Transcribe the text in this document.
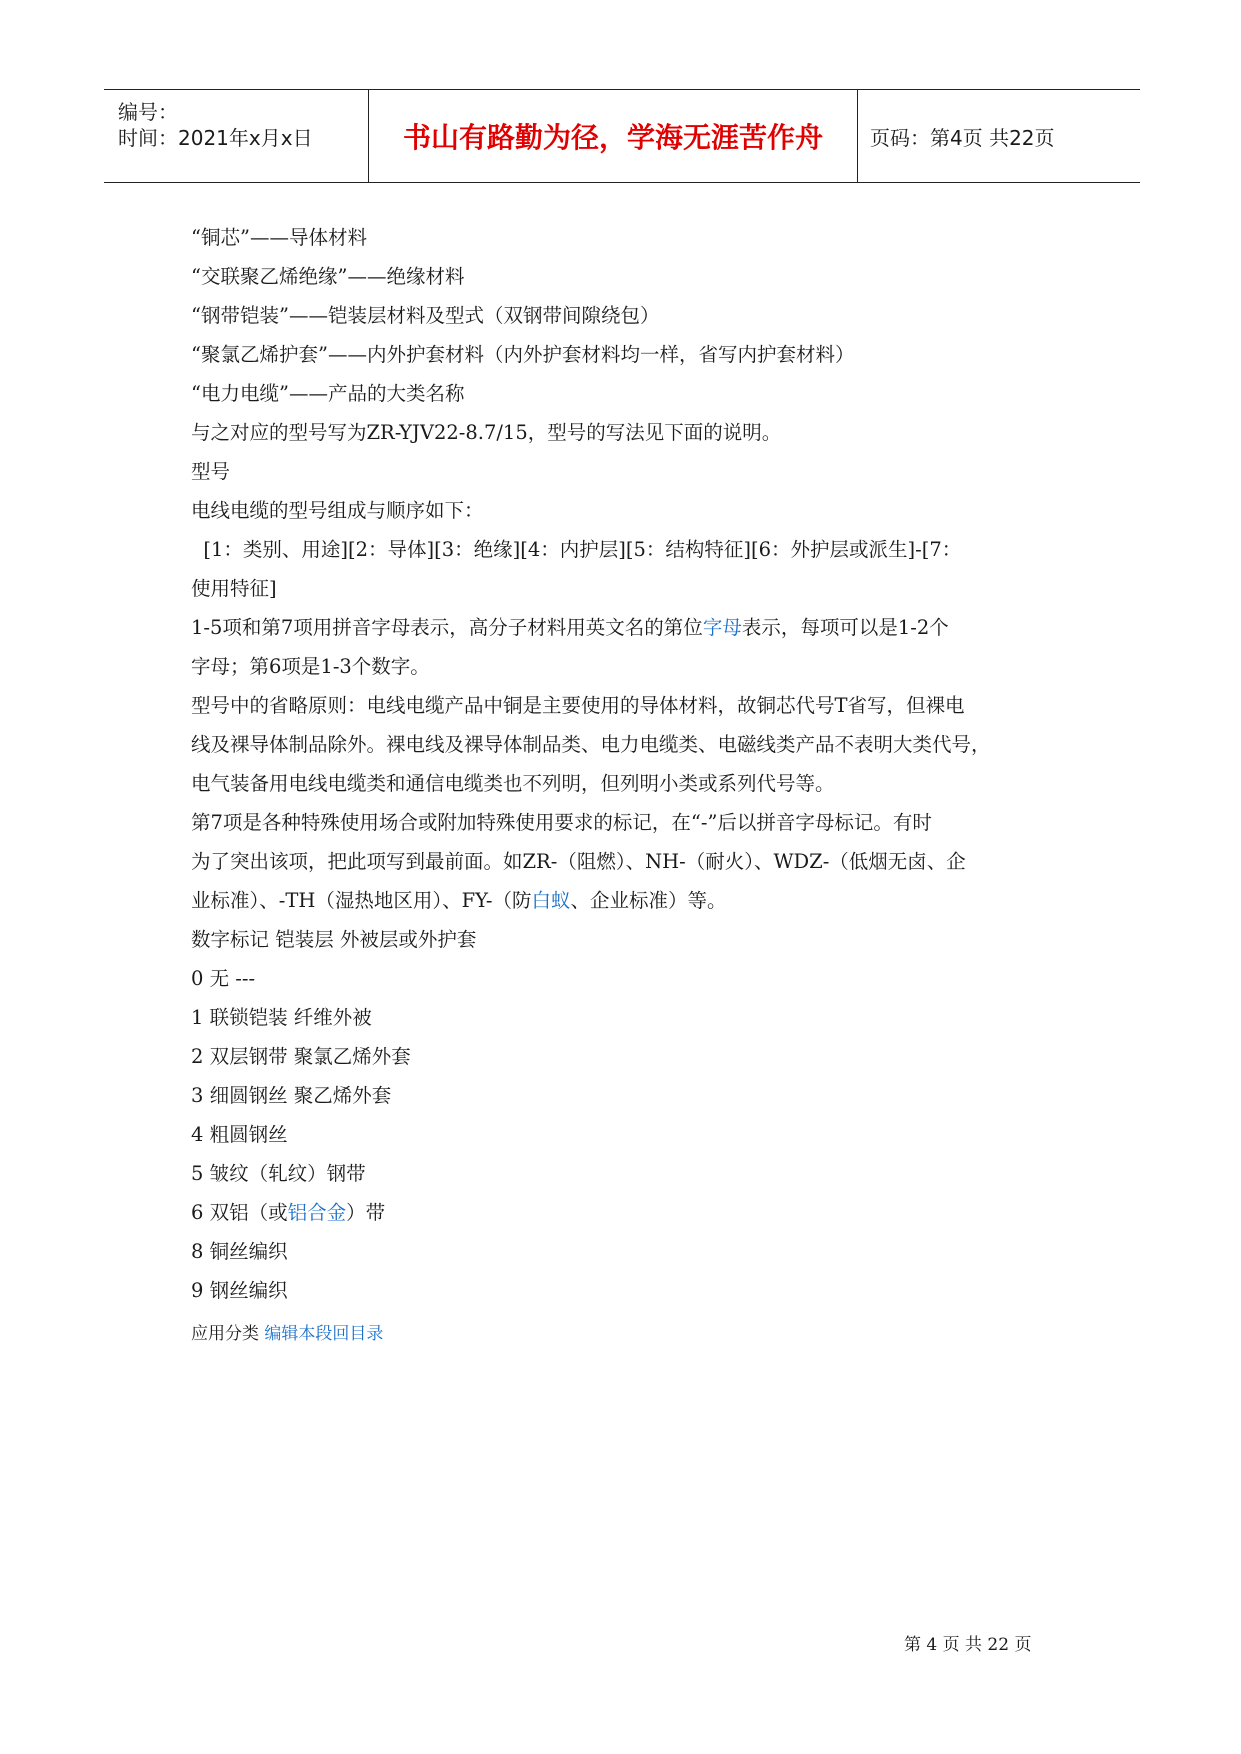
编号：
时间：2021年x月x日	书山有路勤为径，学海无涯苦作舟	页码：第4页 共22页

“铜芯”——导体材料

“交联聚乙烯绝缘”——绝缘材料

“钢带铠装”——铠装层材料及型式（双钢带间隙绕包）

“聚氯乙烯护套”——内外护套材料（内外护套材料均一样，省写内护套材料）

“电力电缆”——产品的大类名称

与之对应的型号写为ZR-YJV22-8.7/15，型号的写法见下面的说明。

型号

电线电缆的型号组成与顺序如下：

[1：类别、用途][2：导体][3：绝缘][4：内护层][5：结构特征][6：外护层或派生]-[7：

使用特征]

1-5项和第7项用拼音字母表示，高分子材料用英文名的第位字母表示，每项可以是1-2个

字母；第6项是1-3个数字。

型号中的省略原则：电线电缆产品中铜是主要使用的导体材料，故铜芯代号T省写，但裸电

线及裸导体制品除外。裸电线及裸导体制品类、电力电缆类、电磁线类产品不表明大类代号，

电气装备用电线电缆类和通信电缆类也不列明，但列明小类或系列代号等。

第7项是各种特殊使用场合或附加特殊使用要求的标记，在“-”后以拼音字母标记。有时

为了突出该项，把此项写到最前面。如ZR-（阻燃）、NH-（耐火）、WDZ-（低烟无卤、企

业标准）、-TH（湿热地区用）、FY-（防白蚁、企业标准）等。

数字标记 铠装层 外被层或外护套

0 无 ---

1 联锁铠装 纤维外被

2 双层钢带 聚氯乙烯外套

3 细圆钢丝 聚乙烯外套

4 粗圆钢丝

5 皱纹（轧纹）钢带

6 双铝（或铝合金）带

8 铜丝编织

9 钢丝编织

应用分类 编辑本段回目录

第 4 页 共 22 页
